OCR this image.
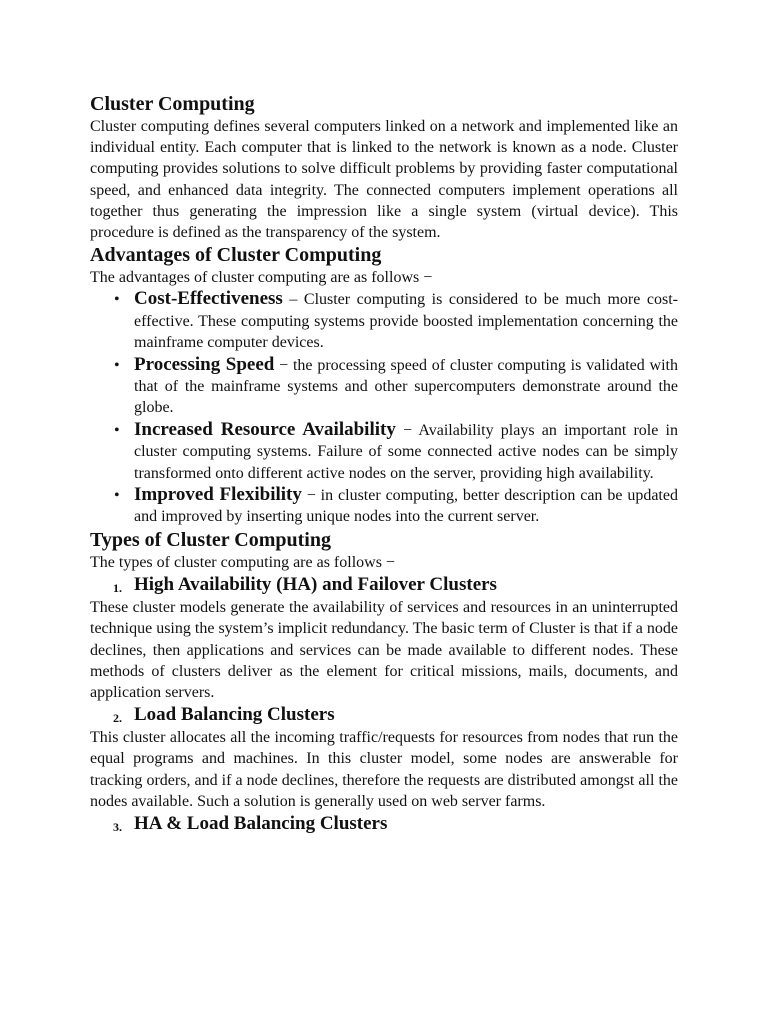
Cluster Computing

Cluster computing defines several computers linked on a network and implemented like an individual entity. Each computer that is linked to the network is known as a node. Cluster computing provides solutions to solve difficult problems by providing faster computational speed, and enhanced data integrity. The connected computers implement operations all together thus generating the impression like a single system (virtual device). This procedure is defined as the transparency of the system.

Advantages of Cluster Computing

The advantages of cluster computing are as follows −

• Cost-Effectiveness – Cluster computing is considered to be much more cost-effective. These computing systems provide boosted implementation concerning the mainframe computer devices.
• Processing Speed − the processing speed of cluster computing is validated with that of the mainframe systems and other supercomputers demonstrate around the globe.
• Increased Resource Availability − Availability plays an important role in cluster computing systems. Failure of some connected active nodes can be simply transformed onto different active nodes on the server, providing high availability.
• Improved Flexibility − in cluster computing, better description can be updated and improved by inserting unique nodes into the current server.
Types of Cluster Computing

The types of cluster computing are as follows −

1. High Availability (HA) and Failover Clusters

These cluster models generate the availability of services and resources in an uninterrupted technique using the system’s implicit redundancy. The basic term of Cluster is that if a node declines, then applications and services can be made available to different nodes. These methods of clusters deliver as the element for critical missions, mails, documents, and application servers.

2. Load Balancing Clusters

This cluster allocates all the incoming traffic/requests for resources from nodes that run the equal programs and machines. In this cluster model, some nodes are answerable for tracking orders, and if a node declines, therefore the requests are distributed amongst all the nodes available. Such a solution is generally used on web server farms.

3. HA & Load Balancing Clusters
